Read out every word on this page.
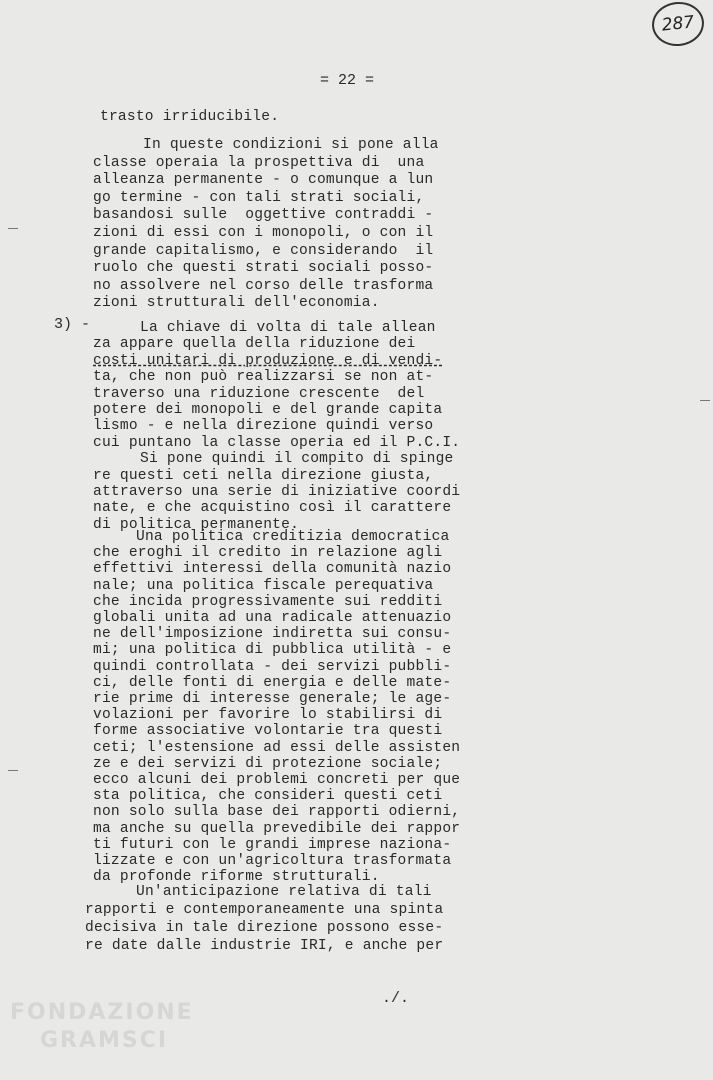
287
= 22 =
3) -
trasto irriducibile.
In queste condizioni si pone alla
classe operaia la prospettiva di  una
alleanza permanente - o comunque a lun
go termine - con tali strati sociali,
basandosi sulle  oggettive contraddi -
zioni di essi con i monopoli, o con il
grande capitalismo, e considerando  il
ruolo che questi strati sociali posso-
no assolvere nel corso delle trasforma
zioni strutturali dell'economia.
La chiave di volta di tale allean
za appare quella della riduzione dei
costi unitari di produzione e di vendi-
ta, che non può realizzarsi se non at-
traverso una riduzione crescente  del
potere dei monopoli e del grande capita
lismo - e nella direzione quindi verso
cui puntano la classe operia ed il P.C.I.
Si pone quindi il compito di spinge
re questi ceti nella direzione giusta,
attraverso una serie di iniziative coordi
nate, e che acquistino così il carattere
di politica permanente.
Una politica creditizia democratica
che eroghi il credito in relazione agli
effettivi interessi della comunità nazio
nale; una politica fiscale perequativa
che incida progressivamente sui redditi
globali unita ad una radicale attenuazio
ne dell'imposizione indiretta sui consu-
mi; una politica di pubblica utilità - e
quindi controllata - dei servizi pubbli-
ci, delle fonti di energia e delle mate-
rie prime di interesse generale; le age-
volazioni per favorire lo stabilirsi di
forme associative volontarie tra questi
ceti; l'estensione ad essi delle assisten
ze e dei servizi di protezione sociale;
ecco alcuni dei problemi concreti per que
sta politica, che consideri questi ceti
non solo sulla base dei rapporti odierni,
ma anche su quella prevedibile dei rappor
ti futuri con le grandi imprese naziona-
lizzate e con un'agricoltura trasformata
da profonde riforme strutturali.
Un'anticipazione relativa di tali
rapporti e contemporaneamente una spinta
decisiva in tale direzione possono esse-
re date dalle industrie IRI, e anche per
./.
FONDAZIONE
GRAMSCI
